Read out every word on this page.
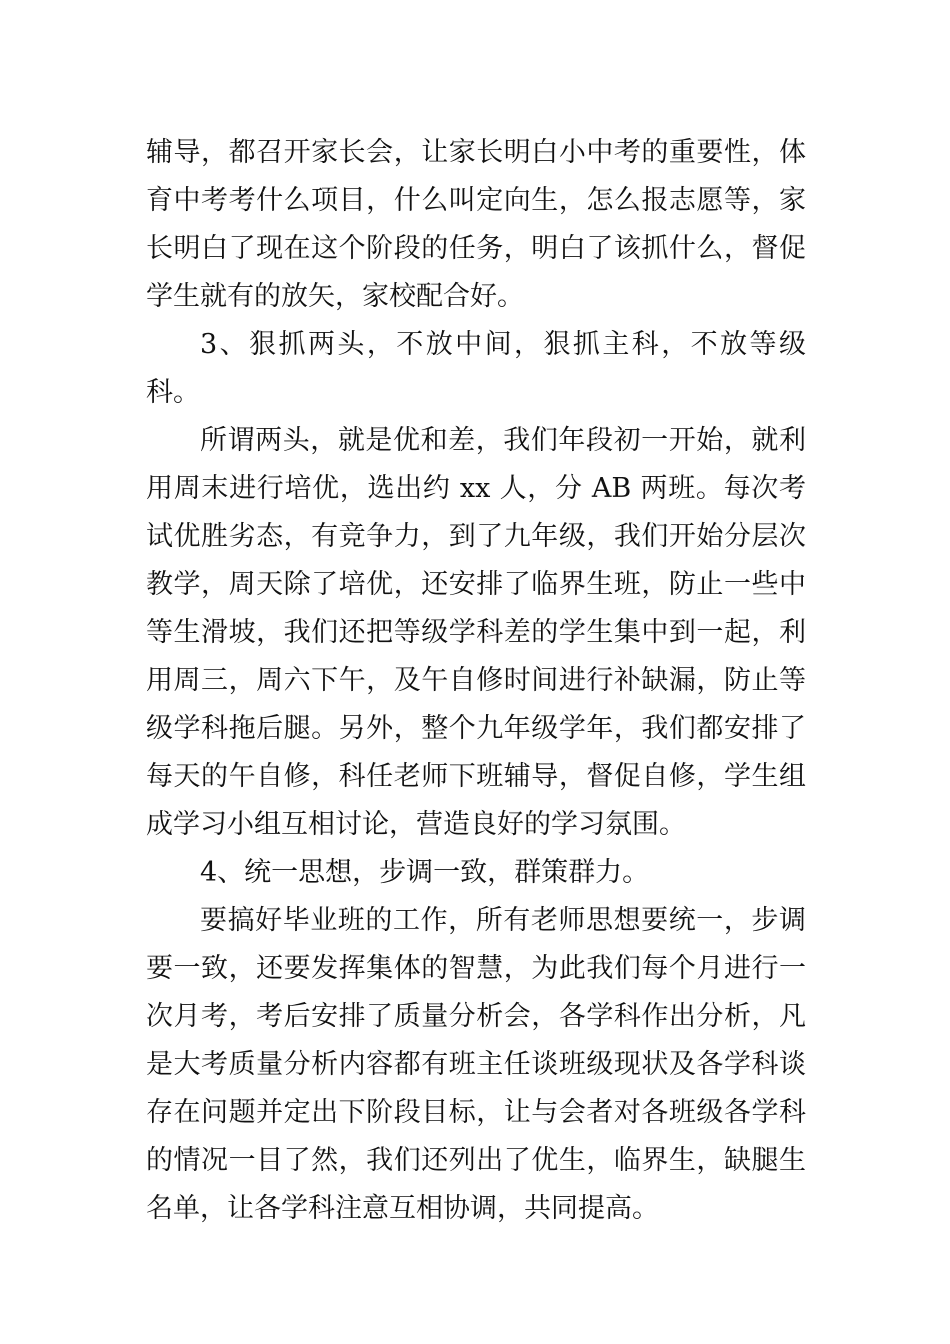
辅导，都召开家长会，让家长明白小中考的重要性，体育中考考什么项目，什么叫定向生，怎么报志愿等，家长明白了现在这个阶段的任务，明白了该抓什么，督促学生就有的放矢，家校配合好。

3、狠抓两头，不放中间，狠抓主科，不放等级科。

所谓两头，就是优和差，我们年段初一开始，就利用周末进行培优，选出约 xx 人，分 AB 两班。每次考试优胜劣态，有竞争力，到了九年级，我们开始分层次教学，周天除了培优，还安排了临界生班，防止一些中等生滑坡，我们还把等级学科差的学生集中到一起，利用周三，周六下午，及午自修时间进行补缺漏，防止等级学科拖后腿。另外，整个九年级学年，我们都安排了每天的午自修，科任老师下班辅导，督促自修，学生组成学习小组互相讨论，营造良好的学习氛围。

4、统一思想，步调一致，群策群力。

要搞好毕业班的工作，所有老师思想要统一，步调要一致，还要发挥集体的智慧，为此我们每个月进行一次月考，考后安排了质量分析会，各学科作出分析，凡是大考质量分析内容都有班主任谈班级现状及各学科谈存在问题并定出下阶段目标，让与会者对各班级各学科的情况一目了然，我们还列出了优生，临界生，缺腿生名单，让各学科注意互相协调，共同提高。
